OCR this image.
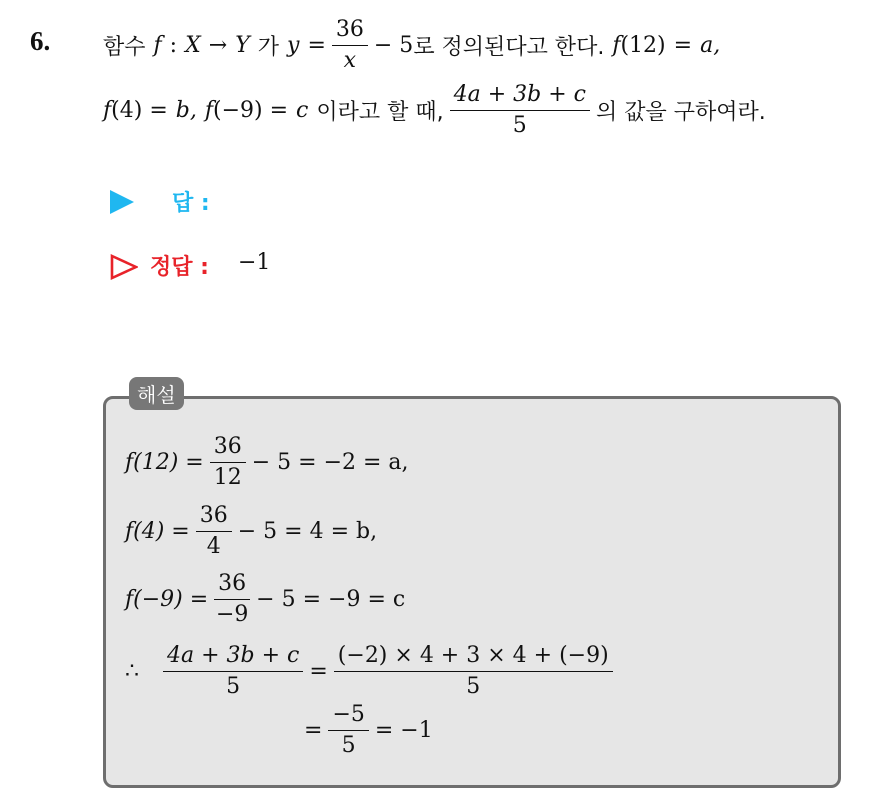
6. 함수 f : X → Y 가 $y = \frac{36}{x} - 5$ 로 정의된다고 한다. f (12) = a,
f (4) = b, f (−9) = c 이라고 할 때, $\frac{4a + 3b + c}{5}$ 의 값을 구하여라.
답 :
정답 : −1
해설
$f(12) = \frac{36}{12} - 5 = -2 = a$,
$f(4) = \frac{36}{4} - 5 = 4 = b$,
$f(-9) = \frac{36}{-9} - 5 = -9 = c$
∴ $\frac{4a + 3b + c}{5} = \frac{(-2) \times 4 + 3 \times 4 + (-9)}{5}$
= $\frac{-5}{5} = -1$
